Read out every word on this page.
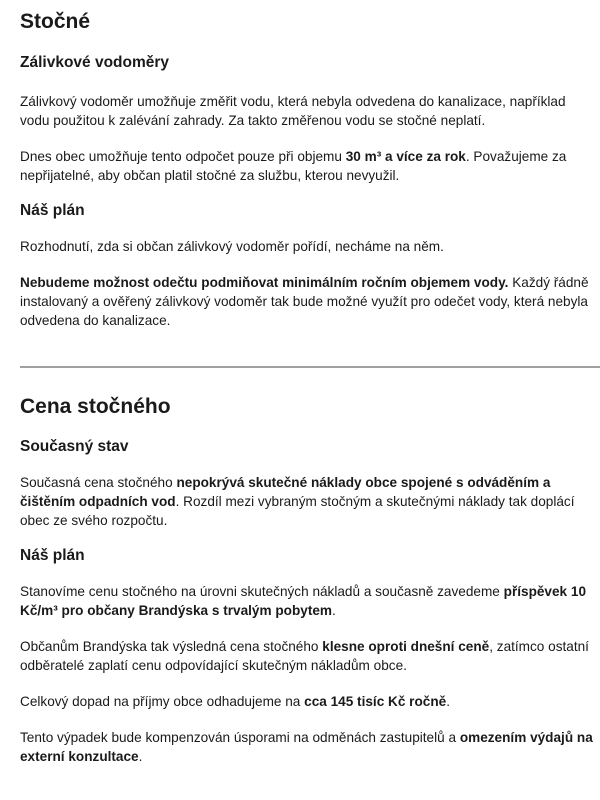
Stočné
Zálivkové vodoměry

Zálivkový vodoměr umožňuje změřit vodu, která nebyla odvedena do kanalizace, například vodu použitou k zalévání zahrady. Za takto změřenou vodu se stočné neplatí.

Dnes obec umožňuje tento odpočet pouze při objemu 30 m³ a více za rok. Považujeme za nepřijatelné, aby občan platil stočné za službu, kterou nevyužil.

Náš plán

Rozhodnutí, zda si občan zálivkový vodoměr pořídí, necháme na něm.

Nebudeme možnost odečtu podmiňovat minimálním ročním objemem vody. Každý řádně instalovaný a ověřený zálivkový vodoměr tak bude možné využít pro odečet vody, která nebyla odvedena do kanalizace.

Cena stočného
Současný stav

Současná cena stočného nepokrývá skutečné náklady obce spojené s odváděním a čištěním odpadních vod. Rozdíl mezi vybraným stočným a skutečnými náklady tak doplácí obec ze svého rozpočtu.

Náš plán

Stanovíme cenu stočného na úrovni skutečných nákladů a současně zavedeme příspěvek 10 Kč/m³ pro občany Brandýska s trvalým pobytem.

Občanům Brandýska tak výsledná cena stočného klesne oproti dnešní ceně, zatímco ostatní odběratelé zaplatí cenu odpovídající skutečným nákladům obce.

Celkový dopad na příjmy obce odhadujeme na cca 145 tisíc Kč ročně.

Tento výpadek bude kompenzován úsporami na odměnách zastupitelů a omezením výdajů na externí konzultace.
